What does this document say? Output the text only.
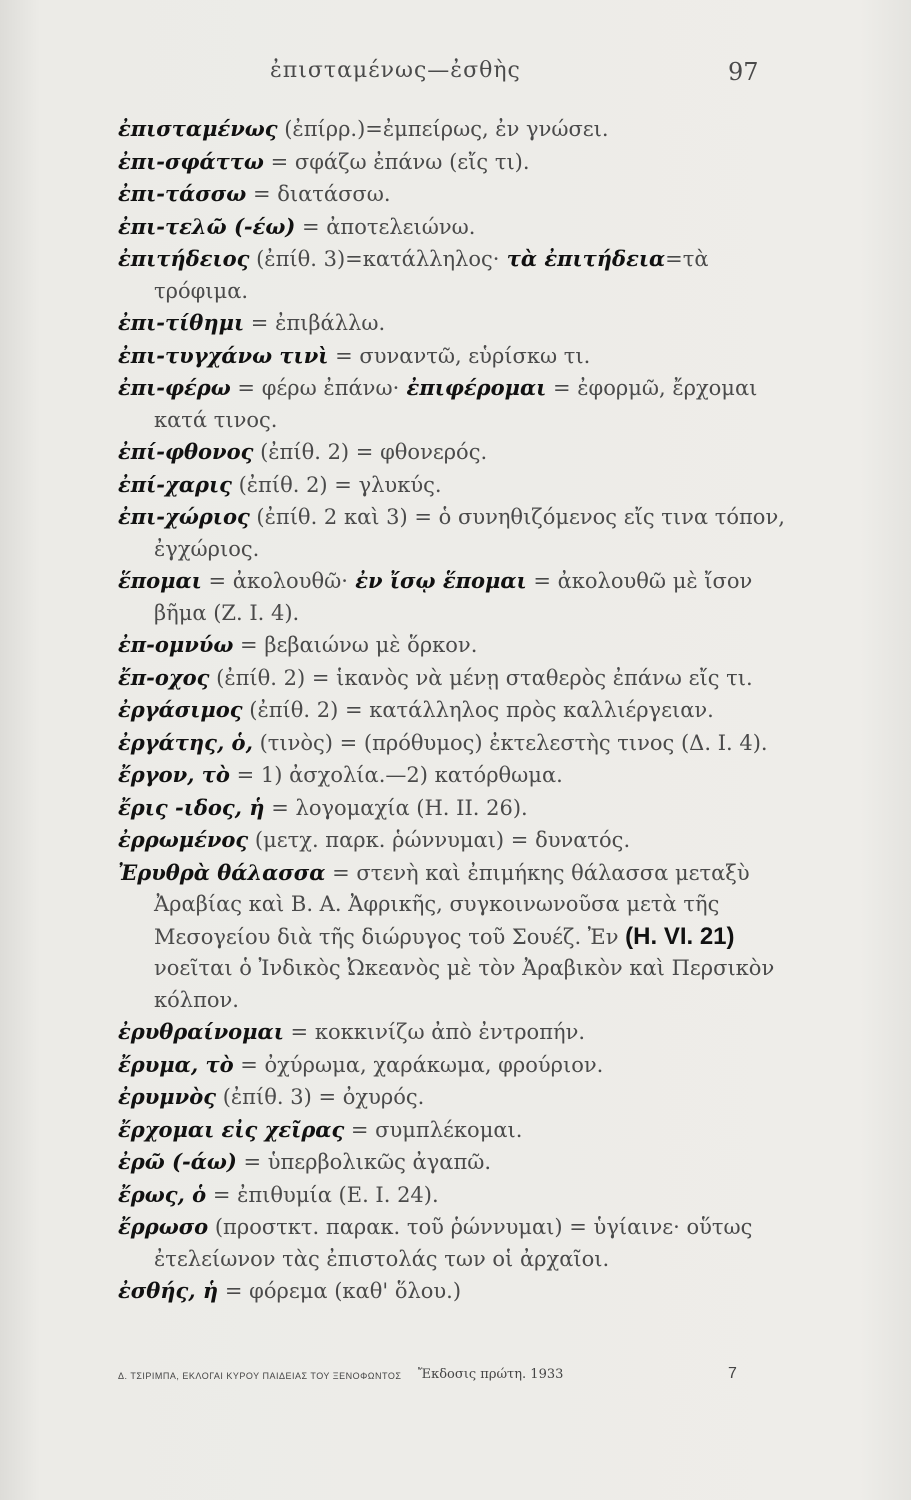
ἐπισταμένως—ἐσθὴς	97
ἐπισταμένως (ἐπίρρ.)=ἐμπείρως, ἐν γνώσει.
ἐπι-σφάττω = σφάζω ἐπάνω (εἴς τι).
ἐπι-τάσσω = διατάσσω.
ἐπι-τελῶ (-έω) = ἀποτελειώνω.
ἐπιτήδειος (ἐπίθ. 3)=κατάλληλος· τὰ ἐπιτήδεια=τὰ τρόφιμα.
ἐπι-τίθημι = ἐπιβάλλω.
ἐπι-τυγχάνω τινὶ = συναντῶ, εὑρίσκω τι.
ἐπι-φέρω = φέρω ἐπάνω· ἐπιφέρομαι = ἐφορμῶ, ἔρχομαι κατά τινος.
ἐπί-φθονος (ἐπίθ. 2) = φθονερός.
ἐπί-χαρις (ἐπίθ. 2) = γλυκύς.
ἐπι-χώριος (ἐπίθ. 2 καὶ 3) = ὁ συνηθιζόμενος εἴς τινα τόπον, ἐγχώριος.
ἕπομαι = ἀκολουθῶ· ἐν ἴσῳ ἕπομαι = ἀκολουθῶ μὲ ἴσον βῆμα (Ζ. Ι. 4).
ἐπ-ομνύω = βεβαιώνω μὲ ὅρκον.
ἔπ-οχος (ἐπίθ. 2) = ἱκανὸς νὰ μένῃ σταθερὸς ἐπάνω εἴς τι.
ἐργάσιμος (ἐπίθ. 2) = κατάλληλος πρὸς καλλιέργειαν.
ἐργάτης, ὁ, (τινὸς) = (πρόθυμος) ἐκτελεστὴς τινος (Δ. Ι. 4).
ἔργον, τὸ = 1) ἀσχολία.—2) κατόρθωμα.
ἔρις -ιδος, ἡ = λογομαχία (Η. ΙΙ. 26).
ἐρρωμένος (μετχ. παρκ. ῥώννυμαι) = δυνατός.
Ἐρυθρὰ θάλασσα = στενὴ καὶ ἐπιμήκης θάλασσα μεταξὺ Ἀραβίας καὶ Β. Α. Ἀφρικῆς, συγκοινωνοῦσα μετὰ τῆς Μεσογείου διὰ τῆς διώρυγος τοῦ Σουέζ. Ἐν (Η. VI. 21) νοεῖται ὁ Ἰνδικὸς Ὠκεανὸς μὲ τὸν Ἀραβικὸν καὶ Περσικὸν κόλπον.
ἐρυθραίνομαι = κοκκινίζω ἀπὸ ἐντροπήν.
ἔρυμα, τὸ = ὀχύρωμα, χαράκωμα, φρούριον.
ἐρυμνὸς (ἐπίθ. 3) = ὀχυρός.
ἔρχομαι εἰς χεῖρας = συμπλέκομαι.
ἐρῶ (-άω) = ὑπερβολικῶς ἀγαπῶ.
ἔρως, ὁ = ἐπιθυμία (Ε. Ι. 24).
ἔρρωσο (προστκτ. παρακ. τοῦ ῥώννυμαι) = ὑγίαινε· οὕτως ἐτελείωνον τὰς ἐπιστολάς των οἱ ἀρχαῖοι.
ἐσθής, ἡ = φόρεμα (καθ' ὅλου.)
Δ. ΤΣΙΡΙΜΠΑ, ΕΚΛΟΓΑΙ ΚΥΡΟΥ ΠΑΙΔΕΙΑΣ ΤΟΥ ΞΕΝΟΦΩΝΤΟΣ Ἔκδοσις πρώτη. 1933	7
